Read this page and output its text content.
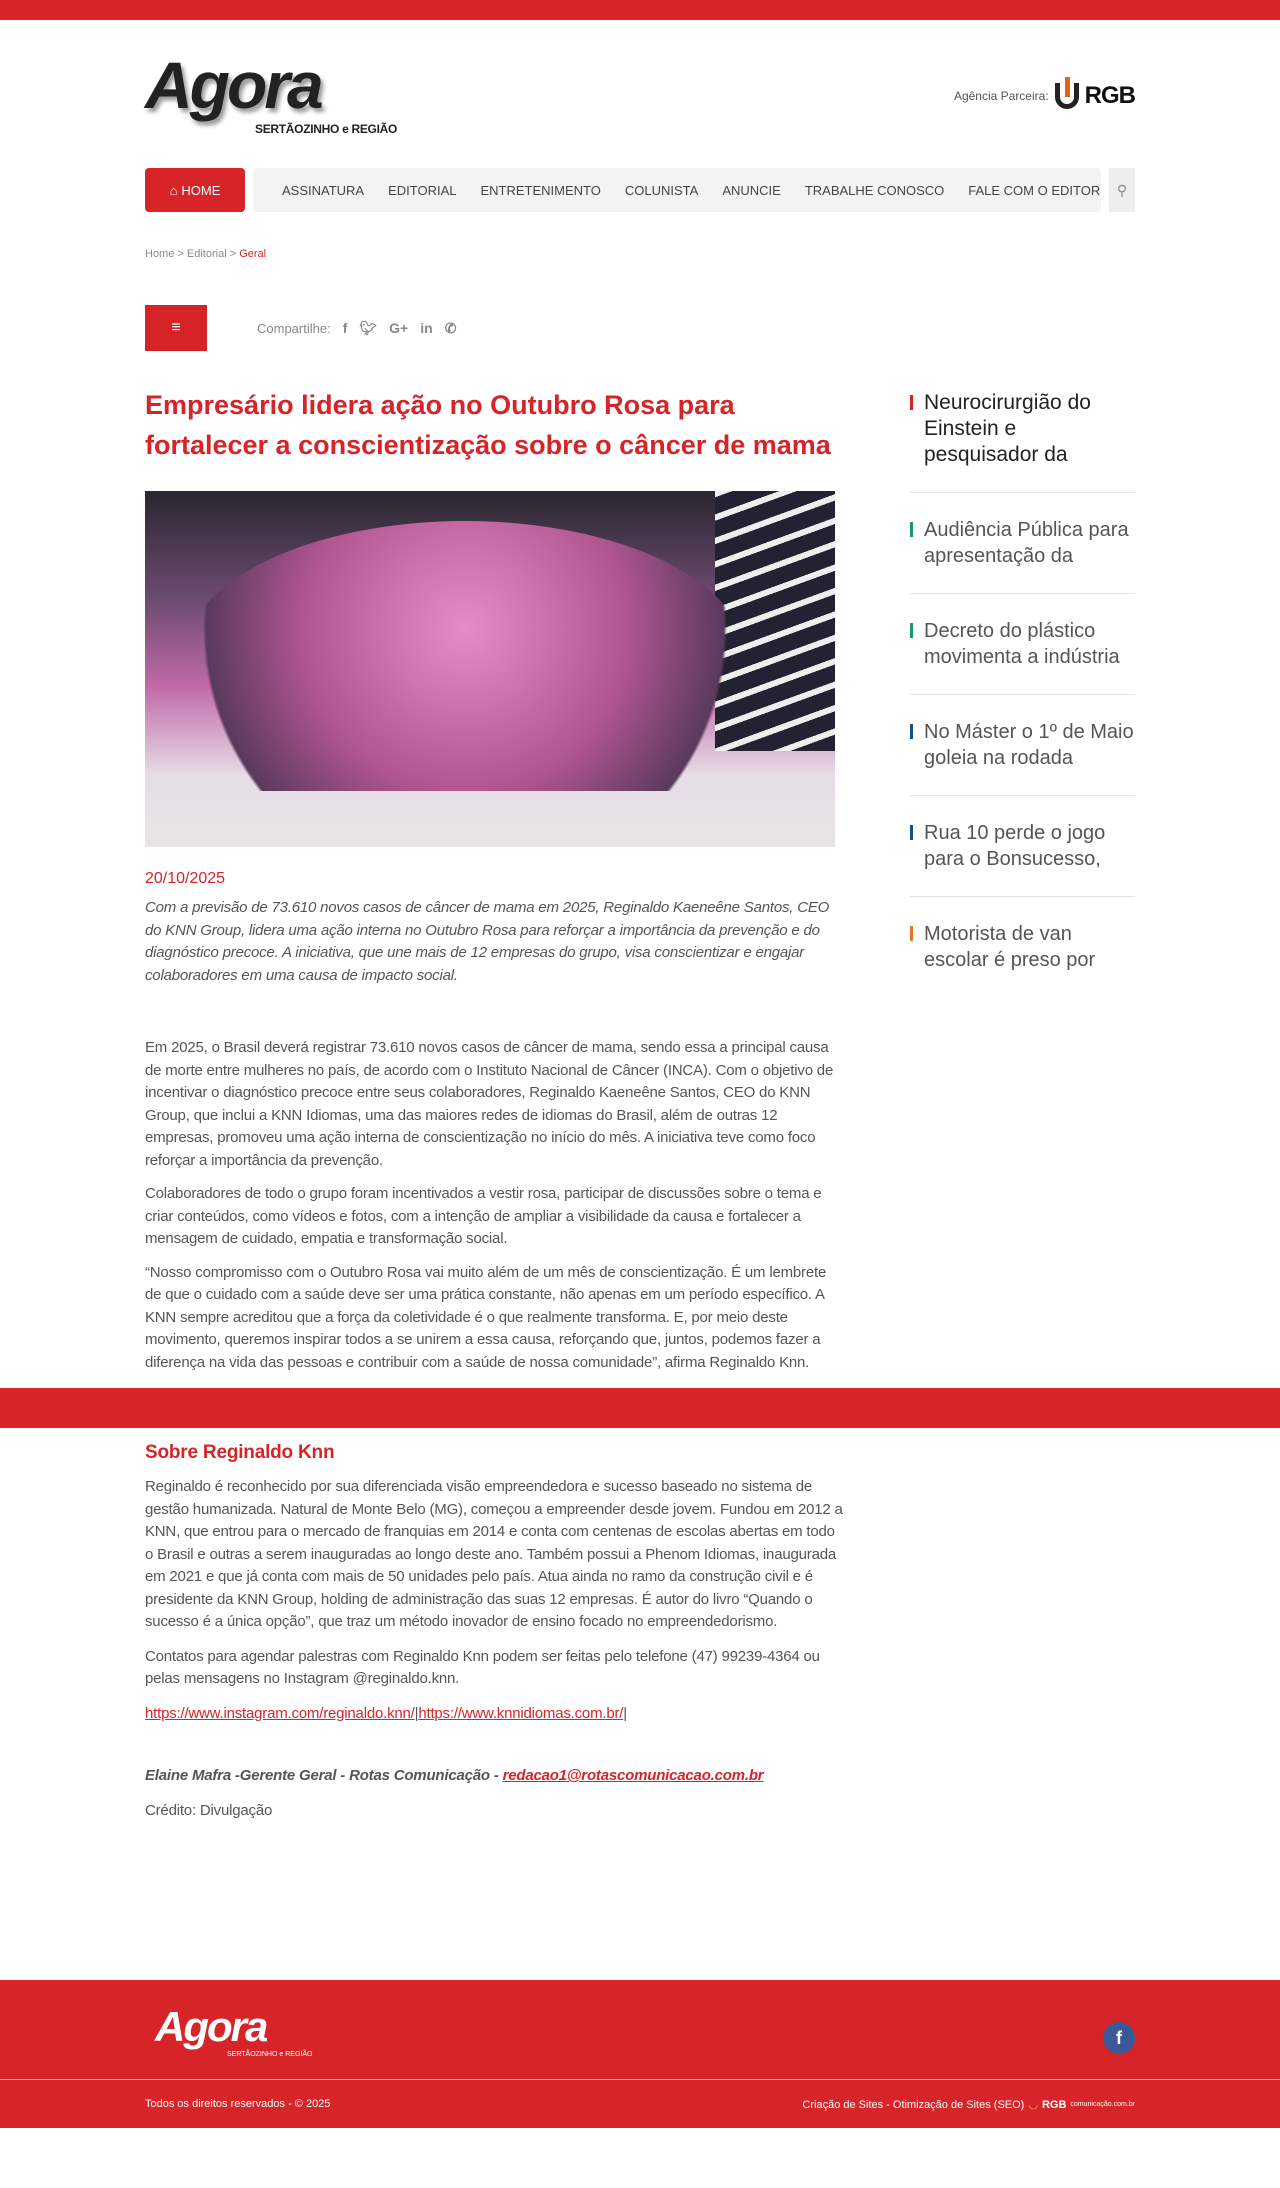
Agora
SERTÃOZINHO e REGIÃO
Agência Parceira: RGB
⌂ HOME	ASSINATURA EDITORIAL ENTRETENIMENTO COLUNISTA ANUNCIE TRABALHE CONOSCO FALE COM O EDITOR ⚲
Home > Editorial > Geral
≡	Compartilhe: f 🐦︎ G+ in ✆
Neurocirurgião do Einstein e pesquisador da
Audiência Pública para apresentação da
Decreto do plástico movimenta a indústria
No Máster o 1º de Maio goleia na rodada
Rua 10 perde o jogo para o Bonsucesso,
Motorista de van escolar é preso por
Empresário lidera ação no Outubro Rosa para fortalecer a conscientização sobre o câncer de mama
20/10/2025
Com a previsão de 73.610 novos casos de câncer de mama em 2025, Reginaldo Kaeneêne Santos, CEO do KNN Group, lidera uma ação interna no Outubro Rosa para reforçar a importância da prevenção e do diagnóstico precoce. A iniciativa, que une mais de 12 empresas do grupo, visa conscientizar e engajar colaboradores em uma causa de impacto social.

Em 2025, o Brasil deverá registrar 73.610 novos casos de câncer de mama, sendo essa a principal causa de morte entre mulheres no país, de acordo com o Instituto Nacional de Câncer (INCA). Com o objetivo de incentivar o diagnóstico precoce entre seus colaboradores, Reginaldo Kaeneêne Santos, CEO do KNN Group, que inclui a KNN Idiomas, uma das maiores redes de idiomas do Brasil, além de outras 12 empresas, promoveu uma ação interna de conscientização no início do mês. A iniciativa teve como foco reforçar a importância da prevenção.

Colaboradores de todo o grupo foram incentivados a vestir rosa, participar de discussões sobre o tema e criar conteúdos, como vídeos e fotos, com a intenção de ampliar a visibilidade da causa e fortalecer a mensagem de cuidado, empatia e transformação social.

“Nosso compromisso com o Outubro Rosa vai muito além de um mês de conscientização. É um lembrete de que o cuidado com a saúde deve ser uma prática constante, não apenas em um período específico. A KNN sempre acreditou que a força da coletividade é o que realmente transforma. E, por meio deste movimento, queremos inspirar todos a se unirem a essa causa, reforçando que, juntos, podemos fazer a diferença na vida das pessoas e contribuir com a saúde de nossa comunidade”, afirma Reginaldo Knn.

Sobre Reginaldo Knn

Reginaldo é reconhecido por sua diferenciada visão empreendedora e sucesso baseado no sistema de gestão humanizada. Natural de Monte Belo (MG), começou a empreender desde jovem. Fundou em 2012 a KNN, que entrou para o mercado de franquias em 2014 e conta com centenas de escolas abertas em todo o Brasil e outras a serem inauguradas ao longo deste ano. Também possui a Phenom Idiomas, inaugurada em 2021 e que já conta com mais de 50 unidades pelo país. Atua ainda no ramo da construção civil e é presidente da KNN Group, holding de administração das suas 12 empresas. É autor do livro “Quando o sucesso é a única opção”, que traz um método inovador de ensino focado no empreendedorismo.

Contatos para agendar palestras com Reginaldo Knn podem ser feitas pelo telefone (47) 99239-4364 ou pelas mensagens no Instagram @reginaldo.knn.

https://www.instagram.com/reginaldo.knn/|https://www.knnidiomas.com.br/|

Elaine Mafra -Gerente Geral - Rotas Comunicação - redacao1@rotascomunicacao.com.br

Crédito: Divulgação

Agora
SERTÃOZINHO e REGIÃO
f
Todos os direitos reservados - © 2025	Criação de Sites - Otimização de Sites (SEO) ◡ RGB comunicação.com.br
